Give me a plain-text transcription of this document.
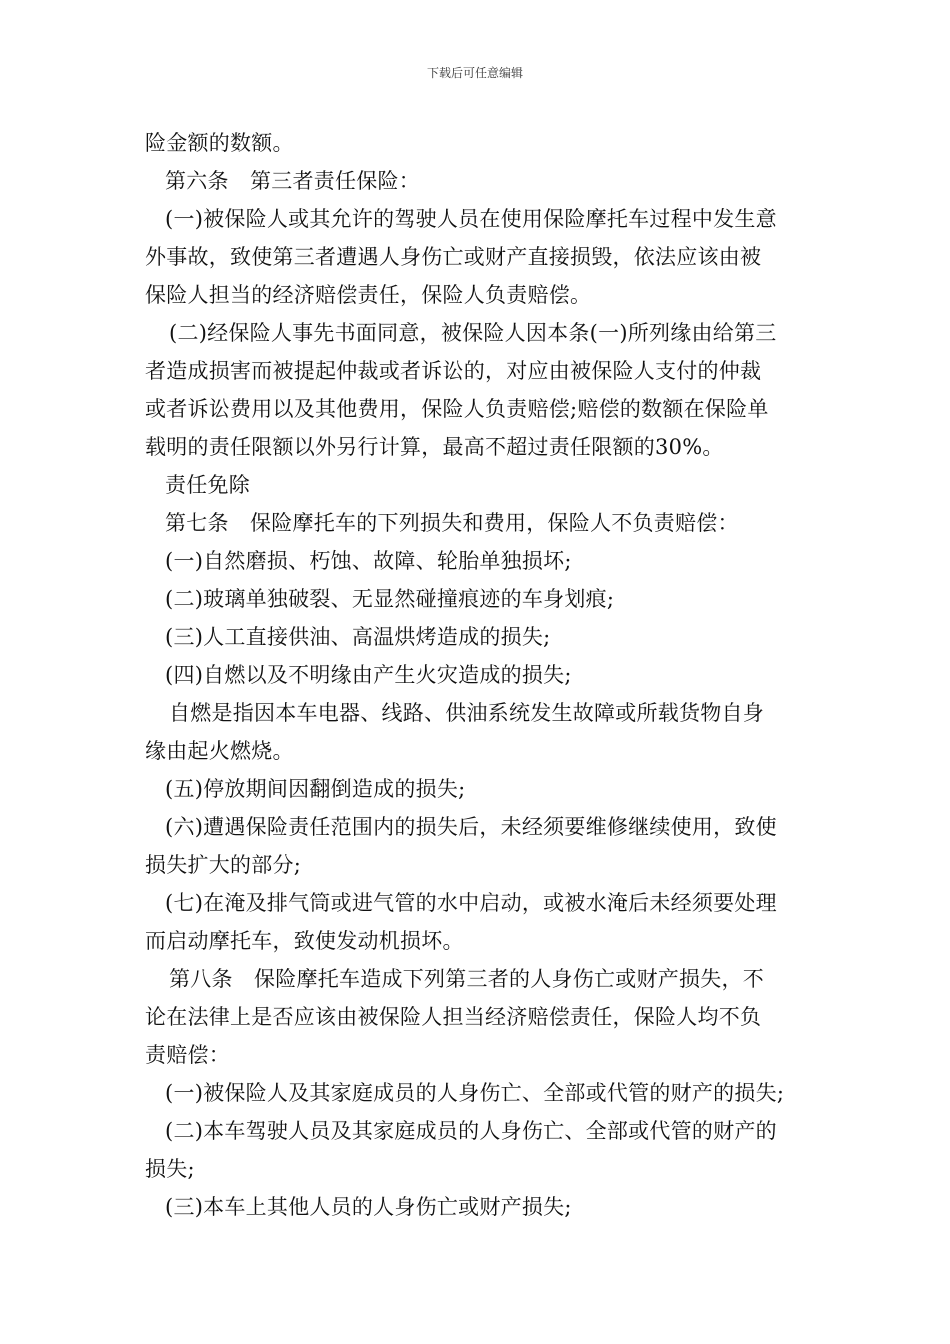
下载后可任意编辑
险金额的数额。
第六条　第三者责任保险：
(一)被保险人或其允许的驾驶人员在使用保险摩托车过程中发生意
外事故，致使第三者遭遇人身伤亡或财产直接损毁，依法应该由被
保险人担当的经济赔偿责任，保险人负责赔偿。
(二)经保险人事先书面同意，被保险人因本条(一)所列缘由给第三
者造成损害而被提起仲裁或者诉讼的，对应由被保险人支付的仲裁
或者诉讼费用以及其他费用，保险人负责赔偿;赔偿的数额在保险单
载明的责任限额以外另行计算，最高不超过责任限额的30%。
责任免除
第七条　保险摩托车的下列损失和费用，保险人不负责赔偿：
(一)自然磨损、朽蚀、故障、轮胎单独损坏;
(二)玻璃单独破裂、无显然碰撞痕迹的车身划痕;
(三)人工直接供油、高温烘烤造成的损失;
(四)自燃以及不明缘由产生火灾造成的损失;
自燃是指因本车电器、线路、供油系统发生故障或所载货物自身
缘由起火燃烧。
(五)停放期间因翻倒造成的损失;
(六)遭遇保险责任范围内的损失后，未经须要维修继续使用，致使
损失扩大的部分;
(七)在淹及排气筒或进气管的水中启动，或被水淹后未经须要处理
而启动摩托车，致使发动机损坏。
第八条　保险摩托车造成下列第三者的人身伤亡或财产损失，不
论在法律上是否应该由被保险人担当经济赔偿责任，保险人均不负
责赔偿：
(一)被保险人及其家庭成员的人身伤亡、全部或代管的财产的损失;
(二)本车驾驶人员及其家庭成员的人身伤亡、全部或代管的财产的
损失;
(三)本车上其他人员的人身伤亡或财产损失;
